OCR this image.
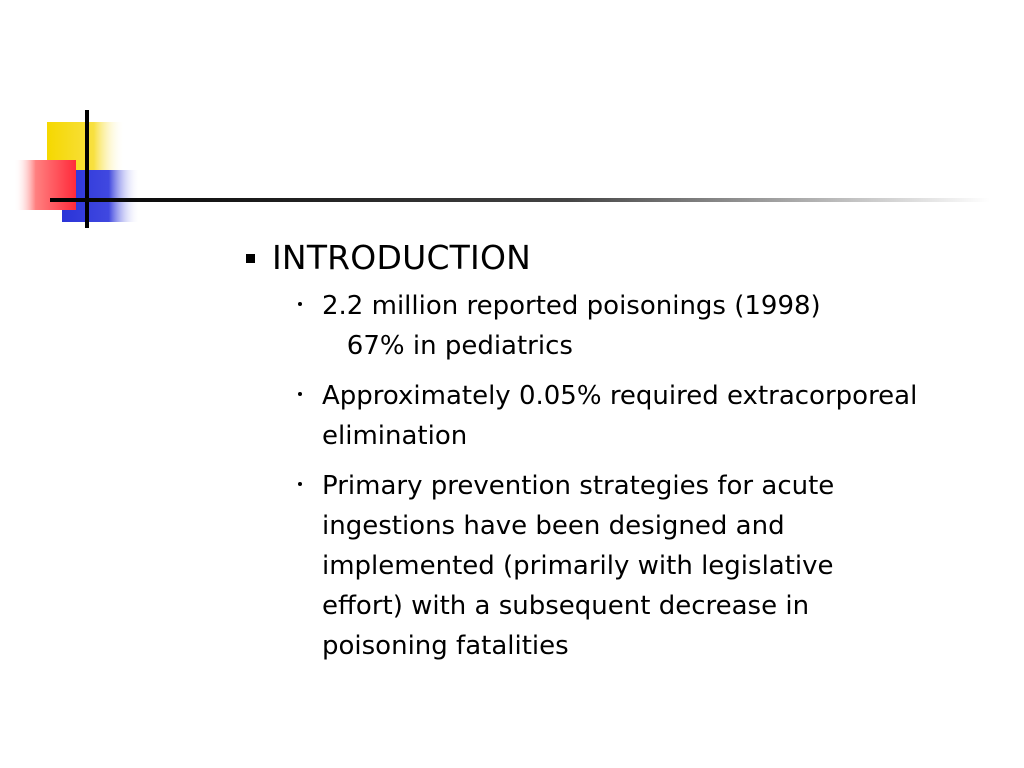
INTRODUCTION
2.2 million reported poisonings (1998)
67% in pediatrics
Approximately 0.05% required extracorporeal elimination
Primary prevention strategies for acute ingestions have been designed and implemented (primarily with legislative effort) with a subsequent decrease in poisoning fatalities
